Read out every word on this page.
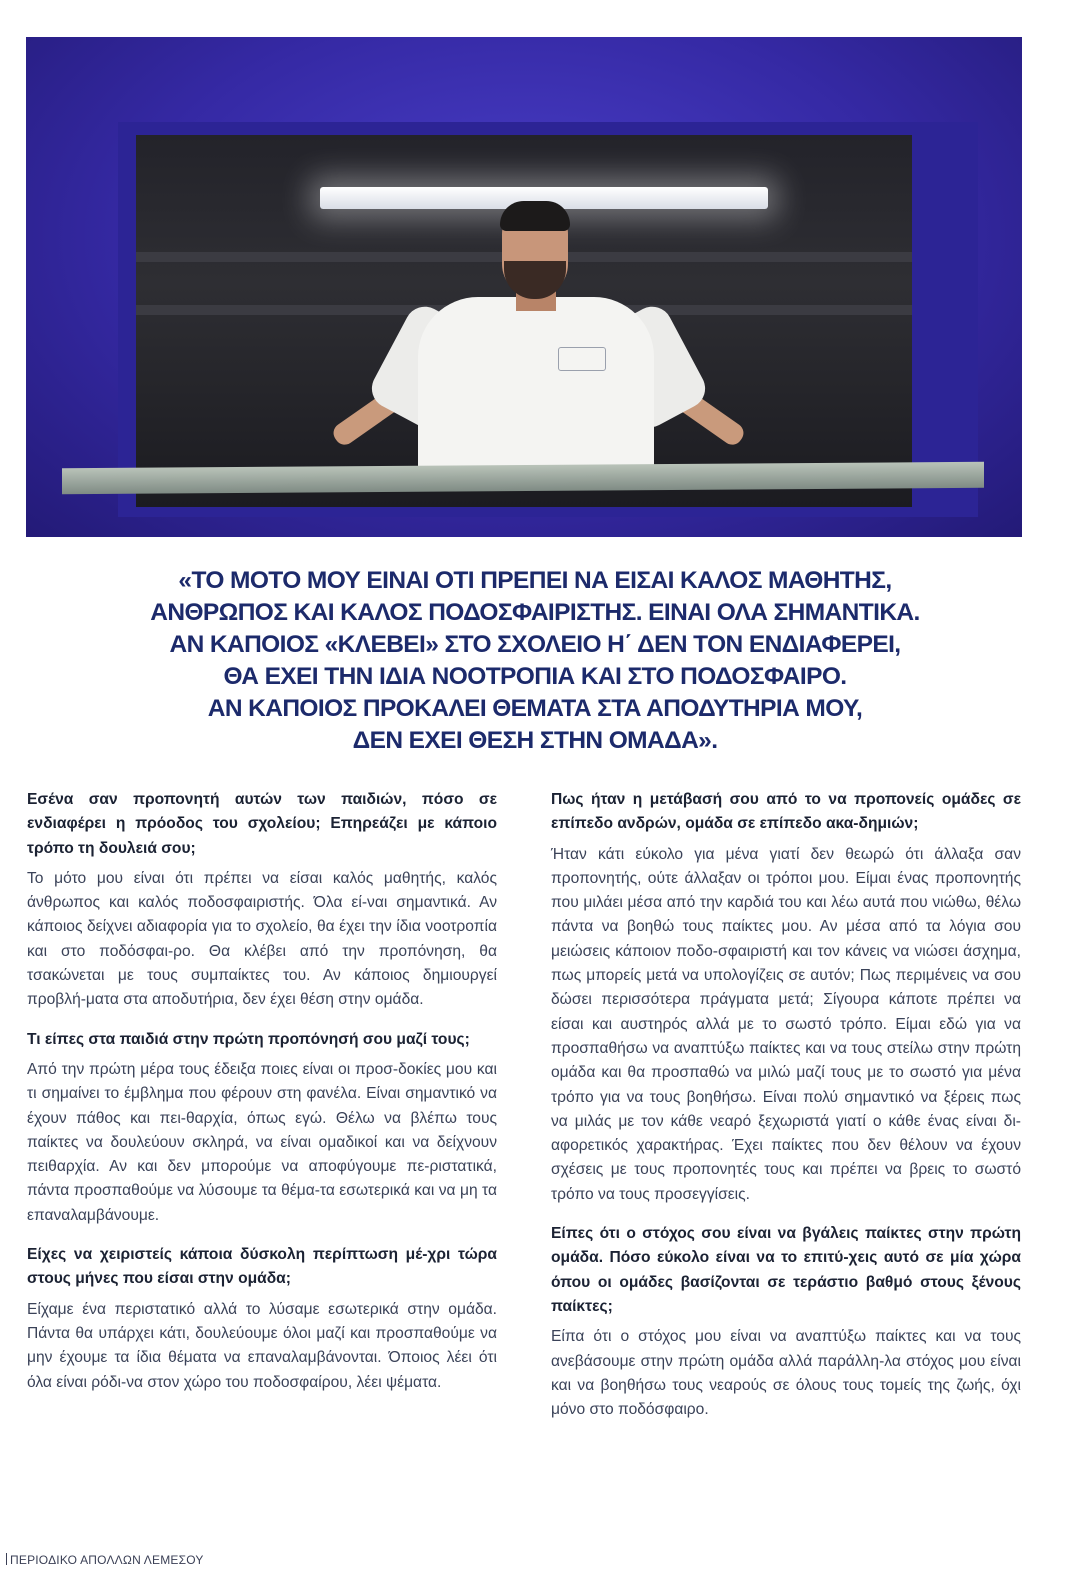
«ΤΟ ΜΟΤΟ ΜΟΥ ΕΙΝΑΙ ΟΤΙ ΠΡΕΠΕΙ ΝΑ ΕΙΣΑΙ ΚΑΛΟΣ ΜΑΘΗΤΗΣ,
ΑΝΘΡΩΠΟΣ ΚΑΙ ΚΑΛΟΣ ΠΟΔΟΣΦΑΙΡΙΣΤΗΣ. ΕΙΝΑΙ ΟΛΑ ΣΗΜΑΝΤΙΚΑ.
ΑΝ ΚΑΠΟΙΟΣ «ΚΛΕΒΕΙ» ΣΤΟ ΣΧΟΛΕΙΟ Η΄ ΔΕΝ ΤΟΝ ΕΝΔΙΑΦΕΡΕΙ,
ΘΑ ΕΧΕΙ ΤΗΝ ΙΔΙΑ ΝΟΟΤΡΟΠΙΑ ΚΑΙ ΣΤΟ ΠΟΔΟΣΦΑΙΡΟ.
ΑΝ ΚΑΠΟΙΟΣ ΠΡΟΚΑΛΕΙ ΘΕΜΑΤΑ ΣΤΑ ΑΠΟΔΥΤΗΡΙΑ ΜΟΥ,
ΔΕΝ ΕΧΕΙ ΘΕΣΗ ΣΤΗΝ ΟΜΑΔΑ».

Εσένα σαν προπονητή αυτών των παιδιών, πόσο σε ενδιαφέρει η πρόοδος του σχολείου; Επηρεάζει με κάποιο τρόπο τη δουλειά σου;

Το μότο μου είναι ότι πρέπει να είσαι καλός μαθητής, καλός άνθρωπος και καλός ποδοσφαιριστής. Όλα εί-ναι σημαντικά. Αν κάποιος δείχνει αδιαφορία για το σχολείο, θα έχει την ίδια νοοτροπία και στο ποδόσφαι-ρο. Θα κλέβει από την προπόνηση, θα τσακώνεται με τους συμπαίκτες του. Αν κάποιος δημιουργεί προβλή-ματα στα αποδυτήρια, δεν έχει θέση στην ομάδα.

Τι είπες στα παιδιά στην πρώτη προπόνησή σου μαζί τους;

Από την πρώτη μέρα τους έδειξα ποιες είναι οι προσ-δοκίες μου και τι σημαίνει το έμβλημα που φέρουν στη φανέλα. Είναι σημαντικό να έχουν πάθος και πει-θαρχία, όπως εγώ. Θέλω να βλέπω τους παίκτες να δουλεύουν σκληρά, να είναι ομαδικοί και να δείχνουν πειθαρχία. Αν και δεν μπορούμε να αποφύγουμε πε-ριστατικά, πάντα προσπαθούμε να λύσουμε τα θέμα-τα εσωτερικά και να μη τα επαναλαμβάνουμε.

Είχες να χειριστείς κάποια δύσκολη περίπτωση μέ-χρι τώρα στους μήνες που είσαι στην ομάδα;

Είχαμε ένα περιστατικό αλλά το λύσαμε εσωτερικά στην ομάδα. Πάντα θα υπάρχει κάτι, δουλεύουμε όλοι μαζί και προσπαθούμε να μην έχουμε τα ίδια θέματα να επαναλαμβάνονται. Όποιος λέει ότι όλα είναι ρόδι-να στον χώρο του ποδοσφαίρου, λέει ψέματα.

Πως ήταν η μετάβασή σου από το να προπονείς ομάδες σε επίπεδο ανδρών, ομάδα σε επίπεδο ακα-δημιών;

Ήταν κάτι εύκολο για μένα γιατί δεν θεωρώ ότι άλλαξα σαν προπονητής, ούτε άλλαξαν οι τρόποι μου. Είμαι ένας προπονητής που μιλάει μέσα από την καρδιά του και λέω αυτά που νιώθω, θέλω πάντα να βοηθώ τους παίκτες μου. Αν μέσα από τα λόγια σου μειώσεις κάποιον ποδο-σφαιριστή και τον κάνεις να νιώσει άσχημα, πως μπορείς μετά να υπολογίζεις σε αυτόν; Πως περιμένεις να σου δώσει περισσότερα πράγματα μετά; Σίγουρα κάποτε πρέπει να είσαι και αυστηρός αλλά με το σωστό τρόπο. Είμαι εδώ για να προσπαθήσω να αναπτύξω παίκτες και να τους στείλω στην πρώτη ομάδα και θα προσπαθώ να μιλώ μαζί τους με το σωστό για μένα τρόπο για να τους βοηθήσω. Είναι πολύ σημαντικό να ξέρεις πως να μιλάς με τον κάθε νεαρό ξεχωριστά γιατί ο κάθε ένας είναι δι-αφορετικός χαρακτήρας. Έχει παίκτες που δεν θέλουν να έχουν σχέσεις με τους προπονητές τους και πρέπει να βρεις το σωστό τρόπο να τους προσεγγίσεις.

Είπες ότι ο στόχος σου είναι να βγάλεις παίκτες στην πρώτη ομάδα. Πόσο εύκολο είναι να το επιτύ-χεις αυτό σε μία χώρα όπου οι ομάδες βασίζονται σε τεράστιο βαθμό στους ξένους παίκτες;

Είπα ότι ο στόχος μου είναι να αναπτύξω παίκτες και να τους ανεβάσουμε στην πρώτη ομάδα αλλά παράλλη-λα στόχος μου είναι και να βοηθήσω τους νεαρούς σε όλους τους τομείς της ζωής, όχι μόνο στο ποδόσφαιρο.

ΠΕΡΙΟΔΙΚΟ ΑΠΟΛΛΩΝ ΛΕΜΕΣΟΥ
